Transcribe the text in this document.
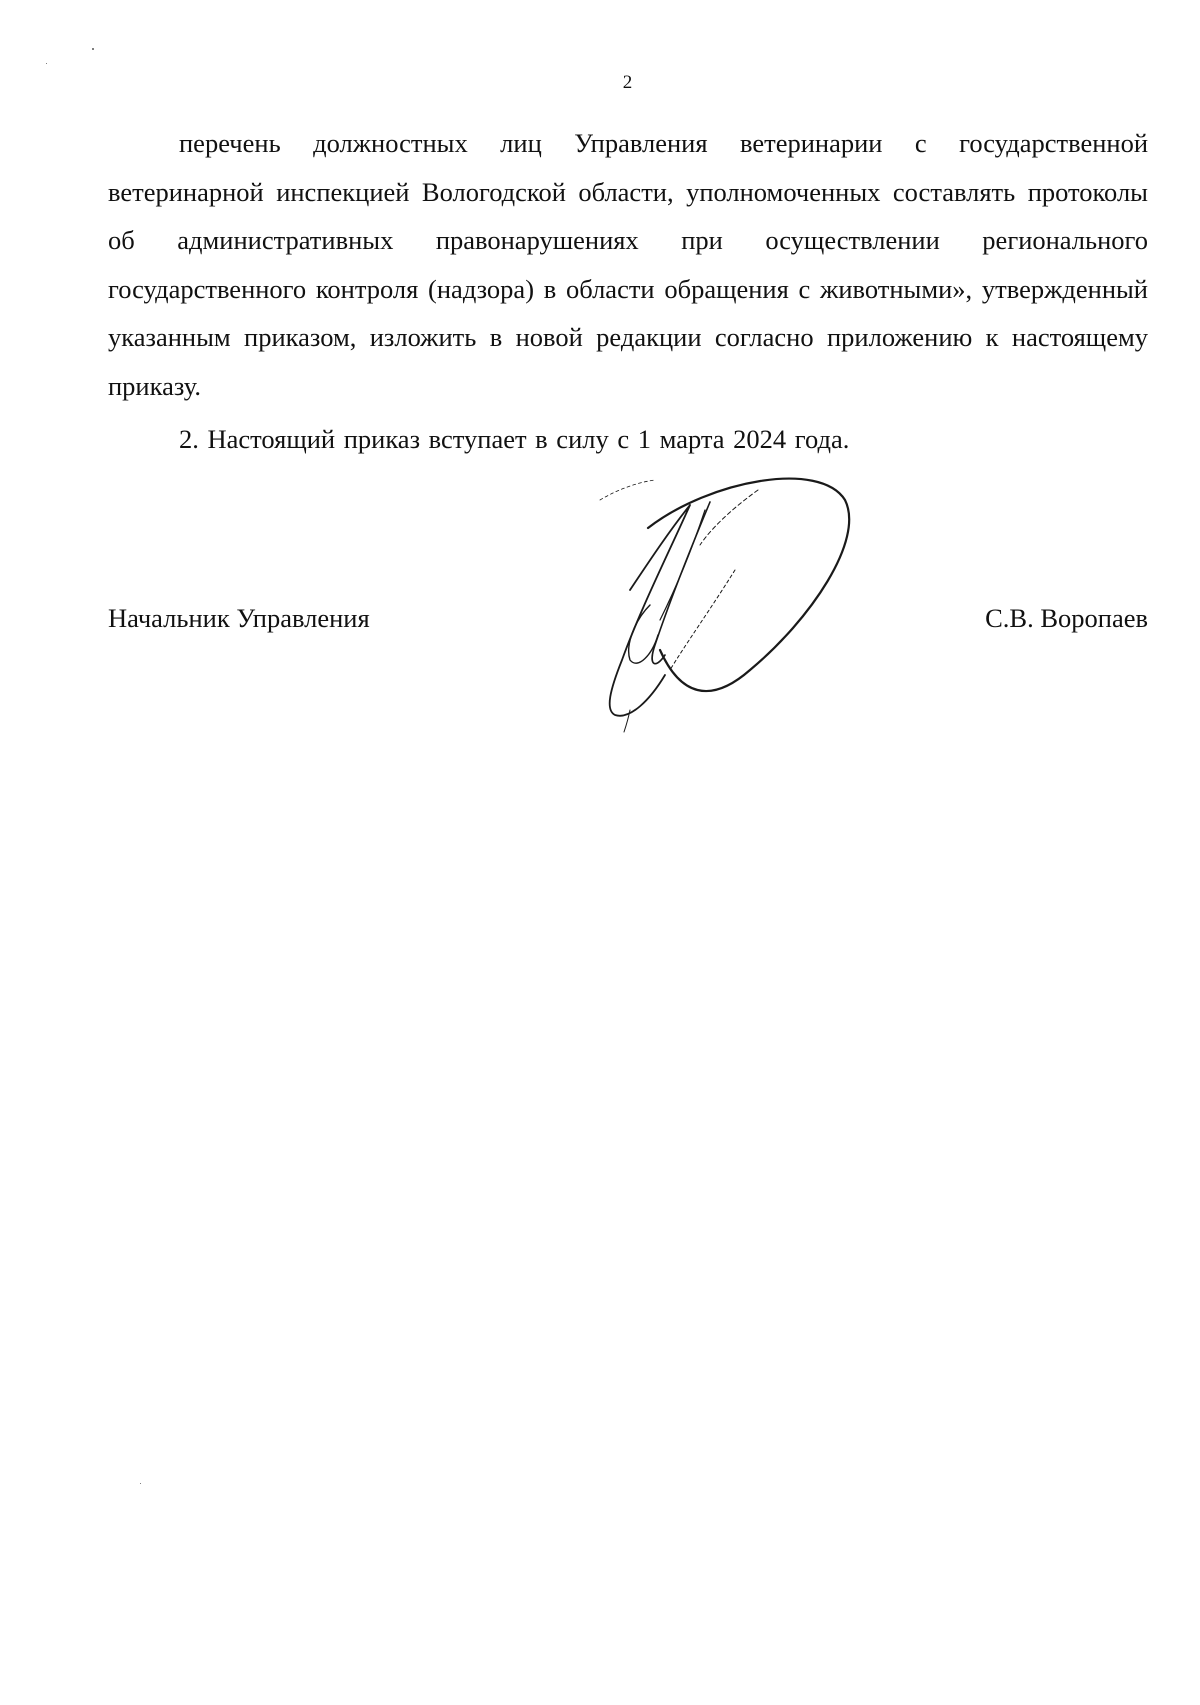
2

перечень должностных лиц Управления ветеринарии с государственной ветеринарной инспекцией Вологодской области, уполномоченных составлять протоколы об административных правонарушениях при осуществлении регионального государственного контроля (надзора) в области обращения с животными», утвержденный указанным приказом, изложить в новой редакции согласно приложению к настоящему приказу.

2. Настоящий приказ вступает в силу с 1 марта 2024 года.

Начальник Управления	С.В. Воропаев
